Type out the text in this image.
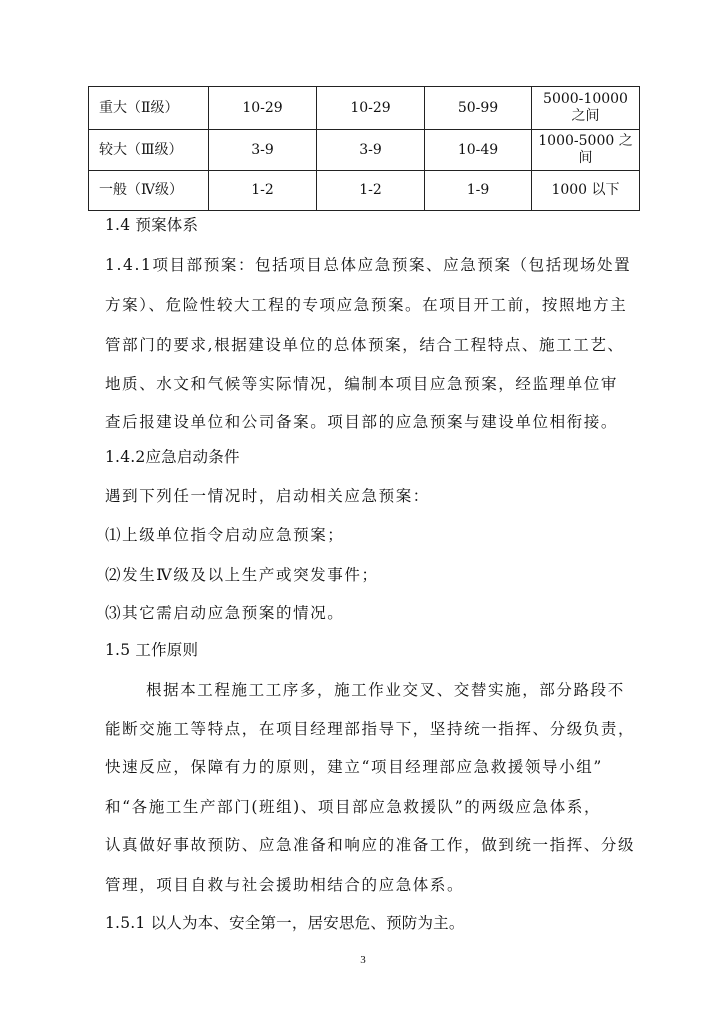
重大（Ⅱ级）	10-29	10-29	50-99	5000-10000 之间
较大（Ⅲ级）	3-9	3-9	10-49	1000-5000 之间
一般（Ⅳ级）	1-2	1-2	1-9	1000 以下
1.4 预案体系
1.4.1项目部预案：包括项目总体应急预案、应急预案（包括现场处置
方案）、危险性较大工程的专项应急预案。在项目开工前，按照地方主
管部门的要求,根据建设单位的总体预案，结合工程特点、施工工艺、
地质、水文和气候等实际情况，编制本项目应急预案，经监理单位审
查后报建设单位和公司备案。项目部的应急预案与建设单位相衔接。
1.4.2应急启动条件
遇到下列任一情况时，启动相关应急预案：
⑴上级单位指令启动应急预案；
⑵发生Ⅳ级及以上生产或突发事件；
⑶其它需启动应急预案的情况。
1.5 工作原则
根据本工程施工工序多，施工作业交叉、交替实施，部分路段不
能断交施工等特点，在项目经理部指导下，坚持统一指挥、分级负责，
快速反应，保障有力的原则，建立“项目经理部应急救援领导小组”
和“各施工生产部门(班组)、项目部应急救援队”的两级应急体系，
认真做好事故预防、应急准备和响应的准备工作，做到统一指挥、分级
管理，项目自救与社会援助相结合的应急体系。
1.5.1 以人为本、安全第一，居安思危、预防为主。
3
